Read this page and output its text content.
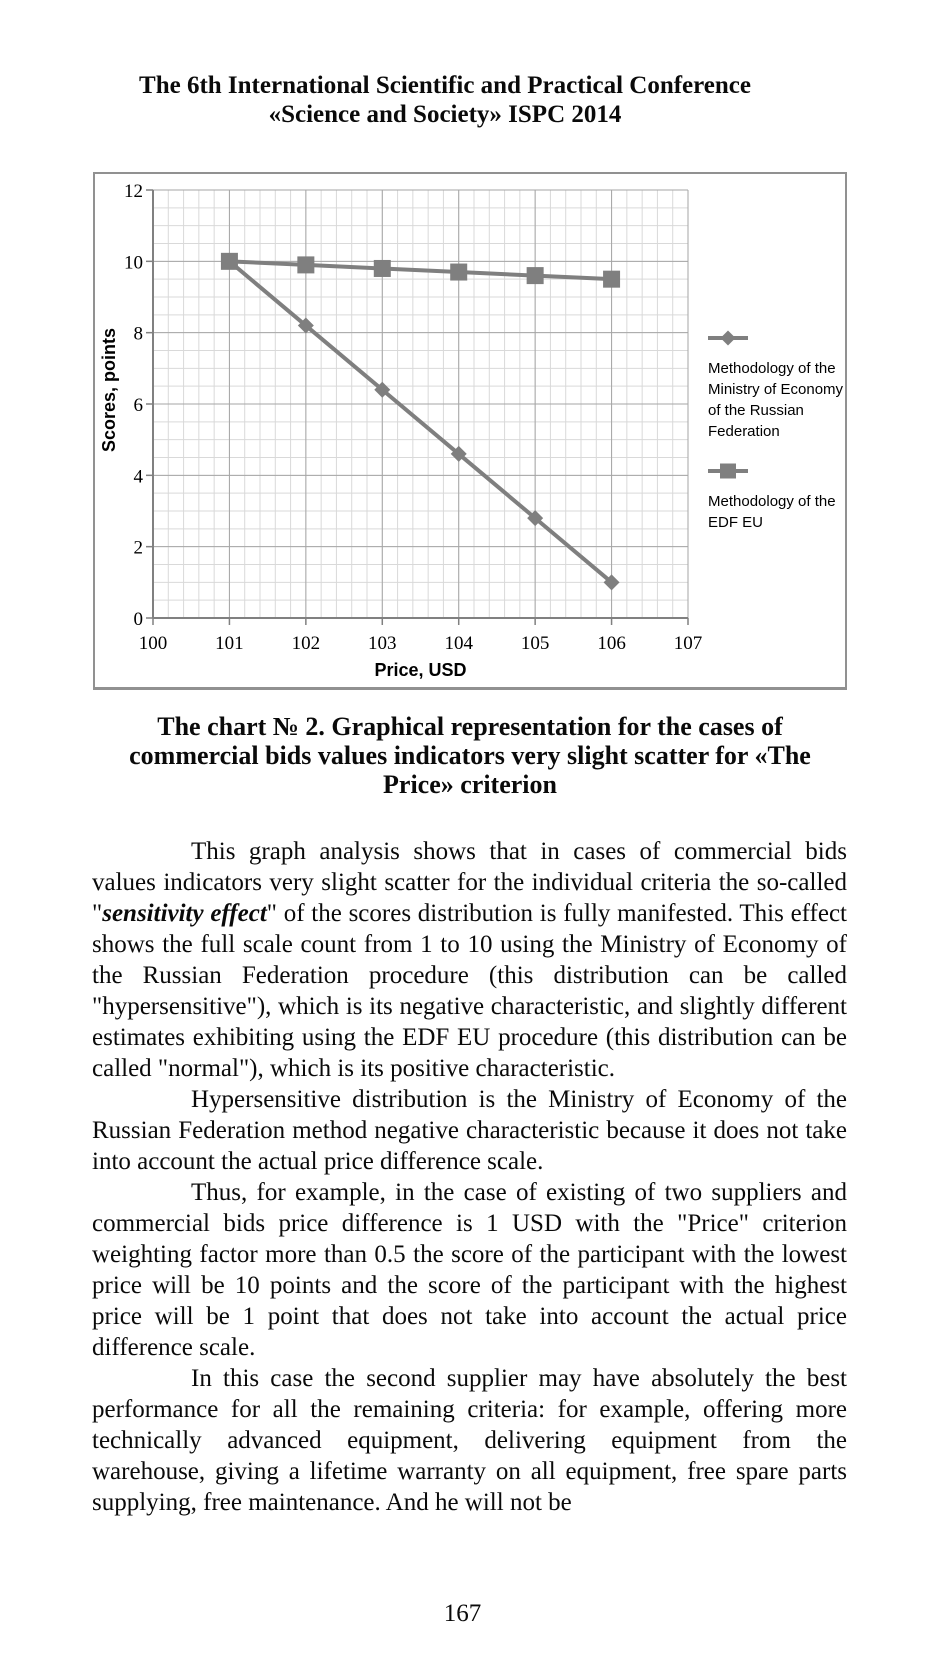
The 6th International Scientific and Practical Conference
«Science and Society» ISPC 2014
100	101	102	103	104	105	106	107
0
2
4
6
8
10
12
Price, USD
Scores, points	Methodology of the Ministry of Economy of the Russian Federation
Methodology of the EDF EU
The chart № 2. Graphical representation for the cases of commercial bids values indicators very slight scatter for «The Price» criterion

This graph analysis shows that in cases of commercial bids values indicators very slight scatter for the individual criteria the so-called "sensitivity effect" of the scores distribution is fully manifested. This effect shows the full scale count from 1 to 10 using the Ministry of Economy of the Russian Federation procedure (this distribution can be called "hypersensitive"), which is its negative characteristic, and slightly different estimates exhibiting using the EDF EU procedure (this distribution can be called "normal"), which is its positive characteristic.

Hypersensitive distribution is the Ministry of Economy of the Russian Federation method negative characteristic because it does not take into account the actual price difference scale.

Thus, for example, in the case of existing of two suppliers and commercial bids price difference is 1 USD with the "Price" criterion weighting factor more than 0.5 the score of the participant with the lowest price will be 10 points and the score of the participant with the highest price will be 1 point that does not take into account the actual price difference scale.

In this case the second supplier may have absolutely the best performance for all the remaining criteria: for example, offering more technically advanced equipment, delivering equipment from the warehouse, giving a lifetime warranty on all equipment, free spare parts supplying, free maintenance. And he will not be

167
